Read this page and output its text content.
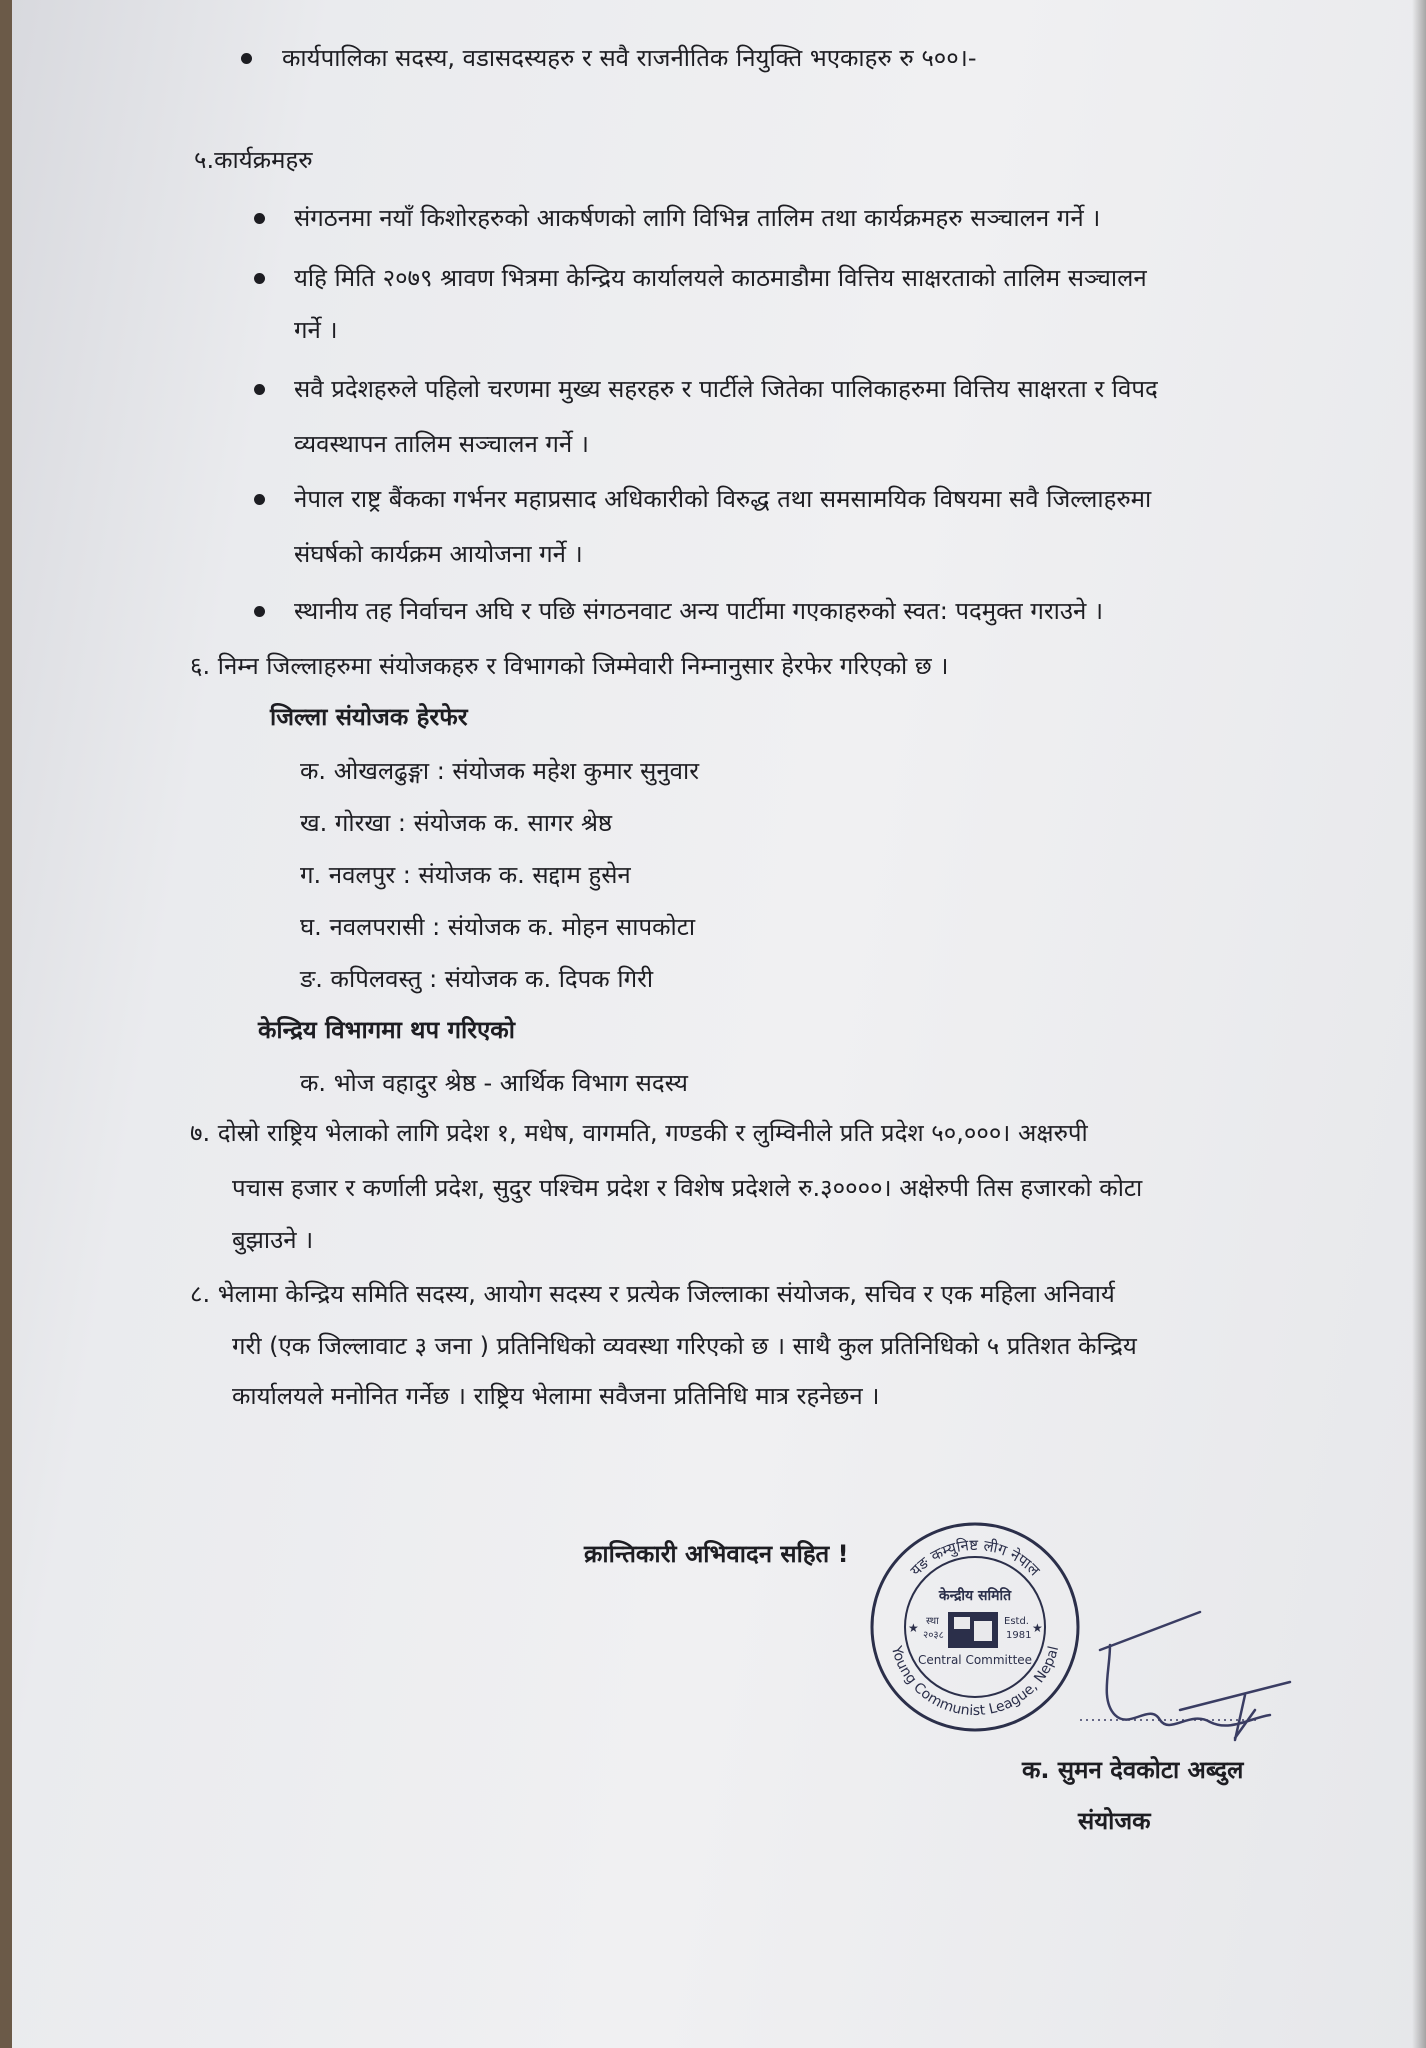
कार्यपालिका सदस्य, वडासदस्यहरु र सवै राजनीतिक नियुक्ति भएकाहरु रु ५००।-
५.कार्यक्रमहरु
संगठनमा नयाँ किशोरहरुको आकर्षणको लागि विभिन्न तालिम तथा कार्यक्रमहरु सञ्चालन गर्ने ।
यहि मिति २०७९ श्रावण भित्रमा केन्द्रिय कार्यालयले काठमाडौमा वित्तिय साक्षरताको तालिम सञ्चालन
गर्ने ।
सवै प्रदेशहरुले पहिलो चरणमा मुख्य सहरहरु र पार्टीले जितेका पालिकाहरुमा वित्तिय साक्षरता र विपद
व्यवस्थापन तालिम सञ्चालन गर्ने ।
नेपाल राष्ट्र बैंकका गर्भनर महाप्रसाद अधिकारीको विरुद्ध तथा समसामयिक विषयमा सवै जिल्लाहरुमा
संघर्षको कार्यक्रम आयोजना गर्ने ।
स्थानीय तह निर्वाचन अघि र पछि संगठनवाट अन्य पार्टीमा गएकाहरुको स्वत: पदमुक्त गराउने ।
६. निम्न जिल्लाहरुमा संयोजकहरु र विभागको जिम्मेवारी निम्नानुसार हेरफेर गरिएको छ ।
जिल्ला संयोजक हेरफेर
क. ओखलढुङ्गा : संयोजक महेश कुमार सुनुवार
ख. गोरखा : संयोजक क. सागर श्रेष्ठ
ग. नवलपुर : संयोजक क. सद्दाम हुसेन
घ. नवलपरासी : संयोजक क. मोहन सापकोटा
ङ. कपिलवस्तु : संयोजक क. दिपक गिरी
केन्द्रिय विभागमा थप गरिएको
क. भोज वहादुर श्रेष्ठ - आर्थिक विभाग सदस्य
७. दोस्रो राष्ट्रिय भेलाको लागि प्रदेश १, मधेष, वागमति, गण्डकी र लुम्विनीले प्रति प्रदेश ५०,०००। अक्षरुपी
पचास हजार र कर्णाली प्रदेश, सुदुर पश्चिम प्रदेश र विशेष प्रदेशले रु.३००००। अक्षेरुपी तिस हजारको कोटा
बुझाउने ।
८. भेलामा केन्द्रिय समिति सदस्य, आयोग सदस्य र प्रत्येक जिल्लाका संयोजक, सचिव र एक महिला अनिवार्य
गरी (एक जिल्लावाट ३ जना ) प्रतिनिधिको व्यवस्था गरिएको छ । साथै कुल प्रतिनिधिको ५ प्रतिशत केन्द्रिय
कार्यालयले मनोनित गर्नेछ । राष्ट्रिय भेलामा सवैजना प्रतिनिधि मात्र रहनेछन ।
क्रान्तिकारी अभिवादन सहित !
यङ कम्युनिष्ट लीग नेपाल
Young Communist League, Nepal
केन्द्रीय समिति
स्था
२०३८
Estd.
1981
Central Committee
★	★
क. सुमन देवकोटा अब्दुल
संयोजक
